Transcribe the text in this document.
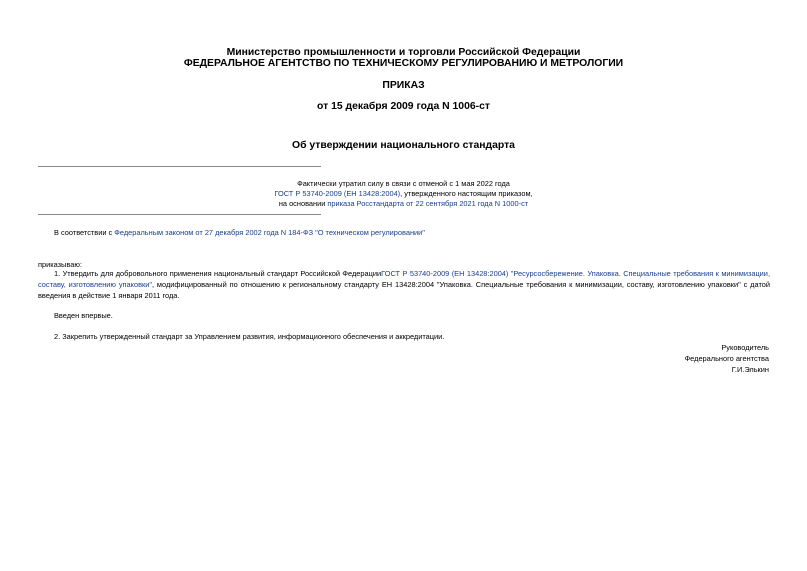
Министерство промышленности и торговли Российской Федерации
ФЕДЕРАЛЬНОЕ АГЕНТСТВО ПО ТЕХНИЧЕСКОМУ РЕГУЛИРОВАНИЮ И МЕТРОЛОГИИ
ПРИКАЗ
от 15 декабря 2009 года N 1006-ст
Об утверждении национального стандарта
Фактически утратил силу в связи с отменой с 1 мая 2022 года
ГОСТ Р 53740-2009 (ЕН 13428:2004), утвержденного настоящим приказом,
на основании приказа Росстандарта от 22 сентября 2021 года N 1000-ст
В соответствии с Федеральным законом от 27 декабря 2002 года N 184-ФЗ "О техническом регулировании"
приказываю:
1. Утвердить для добровольного применения национальный стандарт Российской ФедерацииГОСТ Р 53740-2009 (ЕН 13428:2004) "Ресурсосбережение. Упаковка. Специальные требования к минимизации, составу, изготовлению упаковки", модифицированный по отношению к региональному стандарту ЕН 13428:2004 "Упаковка. Специальные требования к минимизации, составу, изготовлению упаковки" с датой введения в действие 1 января 2011 года.
Введен впервые.
2. Закрепить утвержденный стандарт за Управлением развития, информационного обеспечения и аккредитации.
Руководитель
Федерального агентства
Г.И.Элькин
